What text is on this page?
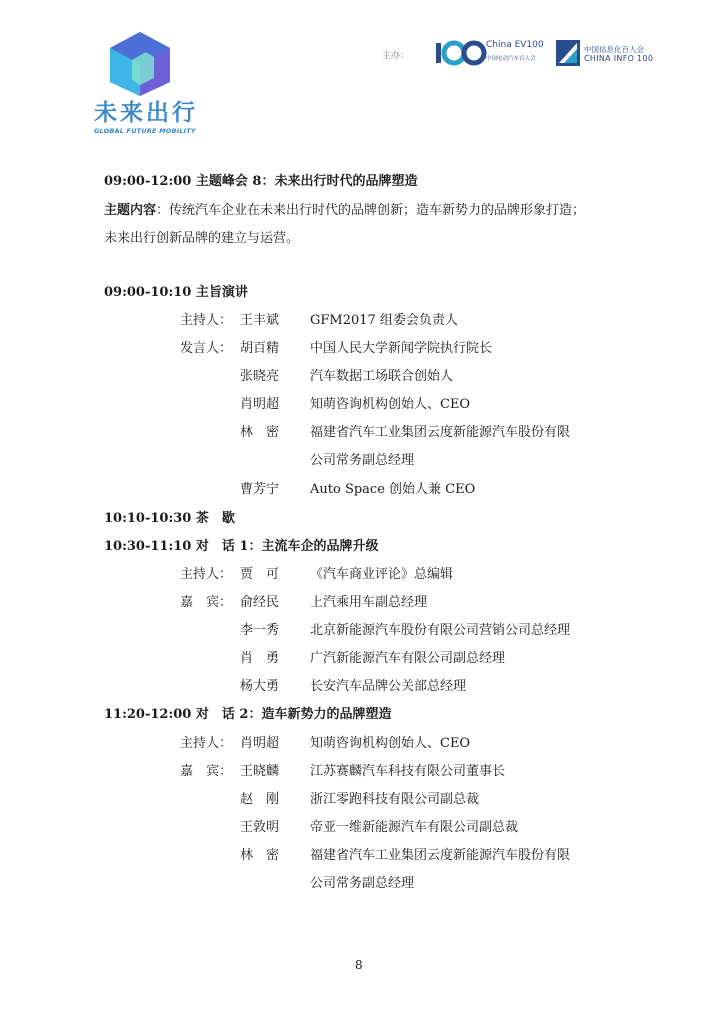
未来出行
GLOBAL FUTURE MOBILITY
主办：
China EV100
中国电动汽车百人会
中国信息化百人会
CHINA INFO 100
09:00-12:00 主题峰会 8：未来出行时代的品牌塑造
主题内容：传统汽车企业在未来出行时代的品牌创新；造车新势力的品牌形象打造；
未来出行创新品牌的建立与运营。
09:00-10:10 主旨演讲
主持人： 王丰斌 GFM2017 组委会负责人
发言人： 胡百精 中国人民大学新闻学院执行院长
张晓亮 汽车数据工场联合创始人
肖明超 知萌咨询机构创始人、CEO
林　密 福建省汽车工业集团云度新能源汽车股份有限
公司常务副总经理
曹芳宁 Auto Space 创始人兼 CEO
10:10-10:30 茶　歇
10:30-11:10 对　话 1：主流车企的品牌升级
主持人： 贾　可 《汽车商业评论》总编辑
嘉　宾： 俞经民 上汽乘用车副总经理
李一秀 北京新能源汽车股份有限公司营销公司总经理
肖　勇 广汽新能源汽车有限公司副总经理
杨大勇 长安汽车品牌公关部总经理
11:20-12:00 对　话 2：造车新势力的品牌塑造
主持人： 肖明超 知萌咨询机构创始人、CEO
嘉　宾： 王晓麟 江苏赛麟汽车科技有限公司董事长
赵　刚 浙江零跑科技有限公司副总裁
王敦明 帝亚一维新能源汽车有限公司副总裁
林　密 福建省汽车工业集团云度新能源汽车股份有限
公司常务副总经理
8
